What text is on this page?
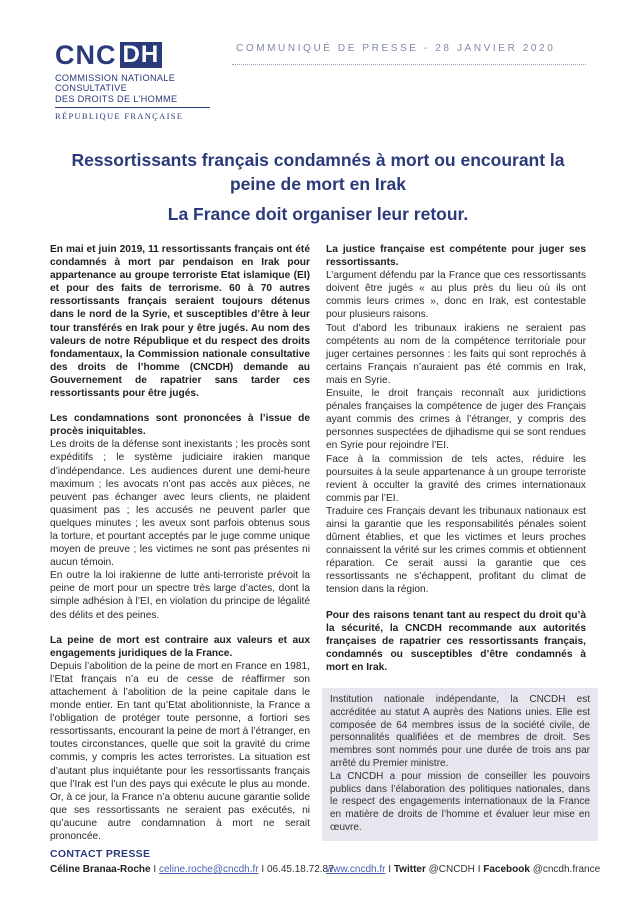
CNC DH
COMMISSION NATIONALE
CONSULTATIVE
DES DROITS DE L'HOMME
RÉPUBLIQUE FRANÇAISE
COMMUNIQUÉ DE PRESSE - 28 JANVIER 2020
Ressortissants français condamnés à mort ou encourant la peine de mort en Irak
La France doit organiser leur retour.

En mai et juin 2019, 11 ressortissants français ont été condamnés à mort par pendaison en Irak pour appartenance au groupe terroriste Etat islamique (EI) et pour des faits de terrorisme. 60 à 70 autres ressortissants français seraient toujours détenus dans le nord de la Syrie, et susceptibles d’être à leur tour transférés en Irak pour y être jugés. Au nom des valeurs de notre République et du respect des droits fondamentaux, la Commission nationale consultative des droits de l’homme (CNCDH) demande au Gouvernement de rapatrier sans tarder ces ressortissants pour être jugés.

Les condamnations sont prononcées à l’issue de procès iniquitables.

Les droits de la défense sont inexistants ; les procès sont expéditifs ; le système judiciaire irakien manque d’indépendance. Les audiences durent une demi-heure maximum ; les avocats n’ont pas accès aux pièces, ne peuvent pas échanger avec leurs clients, ne plaident quasiment pas ; les accusés ne peuvent parler que quelques minutes ; les aveux sont parfois obtenus sous la torture, et pourtant acceptés par le juge comme unique moyen de preuve ; les victimes ne sont pas présentes ni aucun témoin.

En outre la loi irakienne de lutte anti-terroriste prévoit la peine de mort pour un spectre très large d’actes, dont la simple adhésion à l’EI, en violation du principe de légalité des délits et des peines.

La peine de mort est contraire aux valeurs et aux engagements juridiques de la France.

Depuis l’abolition de la peine de mort en France en 1981, l’Etat français n’a eu de cesse de réaffirmer son attachement à l’abolition de la peine capitale dans le monde entier. En tant qu’Etat abolitionniste, la France a l’obligation de protéger toute personne, a fortiori ses ressortissants, encourant la peine de mort à l’étranger, en toutes circonstances, quelle que soit la gravité du crime commis, y compris les actes terroristes. La situation est d’autant plus inquiétante pour les ressortissants français que l’Irak est l’un des pays qui exécute le plus au monde. Or, à ce jour, la France n’a obtenu aucune garantie solide que ses ressortissants ne seraient pas exécutés, ni qu’aucune autre condamnation à mort ne serait prononcée.

La justice française est compétente pour juger ses ressortissants.

L’argument défendu par la France que ces ressortissants doivent être jugés « au plus près du lieu où ils ont commis leurs crimes », donc en Irak, est contestable pour plusieurs raisons.

Tout d’abord les tribunaux irakiens ne seraient pas compétents au nom de la compétence territoriale pour juger certaines personnes : les faits qui sont reprochés à certains Français n’auraient pas été commis en Irak, mais en Syrie.

Ensuite, le droit français reconnaît aux juridictions pénales françaises la compétence de juger des Français ayant commis des crimes à l’étranger, y compris des personnes suspectées de djihadisme qui se sont rendues en Syrie pour rejoindre l’EI.

Face à la commission de tels actes, réduire les poursuites à la seule appartenance à un groupe terroriste revient à occulter la gravité des crimes internationaux commis par l’EI.

Traduire ces Français devant les tribunaux nationaux est ainsi la garantie que les responsabilités pénales soient dûment établies, et que les victimes et leurs proches connaissent la vérité sur les crimes commis et obtiennent réparation. Ce serait aussi la garantie que ces ressortissants ne s’échappent, profitant du climat de tension dans la région.

Pour des raisons tenant tant au respect du droit qu’à la sécurité, la CNCDH recommande aux autorités françaises de rapatrier ces ressortissants français, condamnés ou susceptibles d’être condamnés à mort en Irak.

Institution nationale indépendante, la CNCDH est accréditée au statut A auprès des Nations unies. Elle est composée de 64 membres issus de la société civile, de personnalités qualifiées et de membres de droit. Ses membres sont nommés pour une durée de trois ans par arrêté du Premier ministre.

La CNCDH a pour mission de conseiller les pouvoirs publics dans l’élaboration des politiques nationales, dans le respect des engagements internationaux de la France en matière de droits de l’homme et évaluer leur mise en œuvre.

CONTACT PRESSE
Céline Branaa-Roche I celine.roche@cncdh.fr I 06.45.18.72.87
www.cncdh.fr I Twitter @CNCDH I Facebook @cncdh.france
